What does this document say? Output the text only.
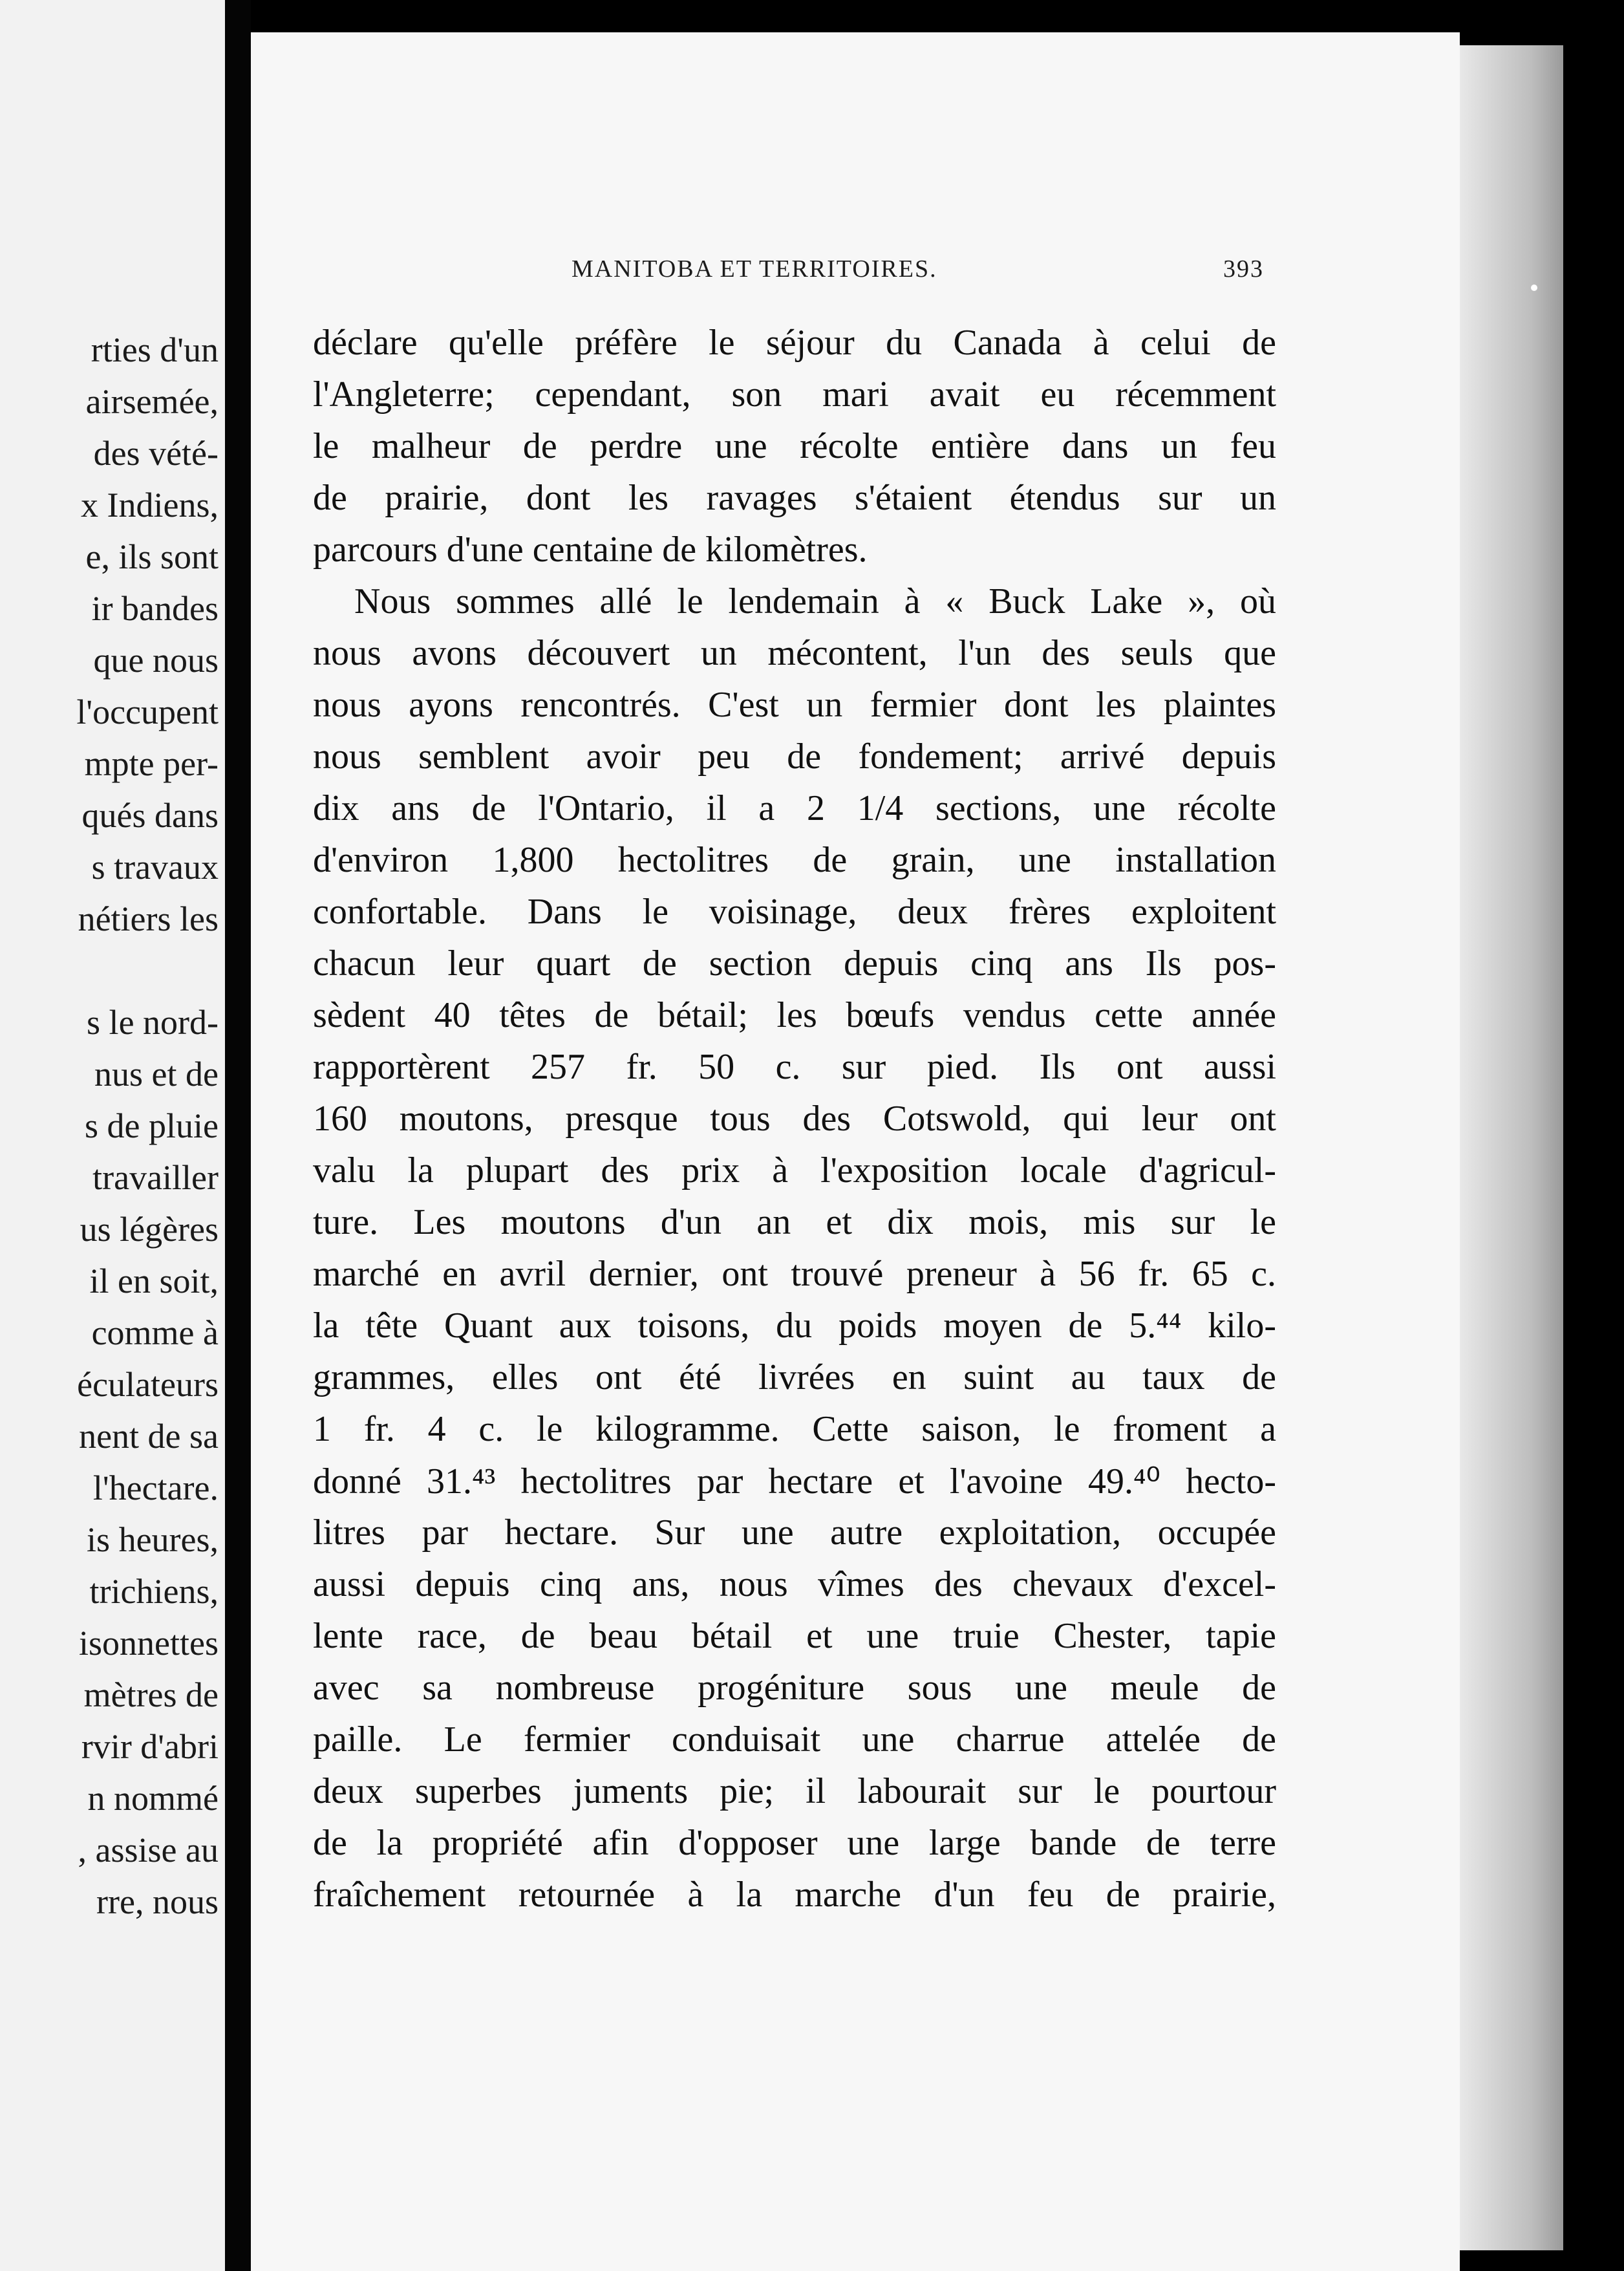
rties d'un
airsemée,
des vété-
x Indiens,
e, ils sont
ir bandes
que nous
l'occupent
mpte per-
qués dans
s travaux
nétiers les
s le nord-
nus et de
s de pluie
travailler
us légères
il en soit,
comme à
éculateurs
nent de sa
l'hectare.
is heures,
trichiens,
isonnettes
mètres de
rvir d'abri
n nommé
, assise au
rre, nous
MANITOBA ET TERRITOIRES.	393
déclare qu'elle préfère le séjour du Canada à celui de
l'Angleterre; cependant, son mari avait eu récemment
le malheur de perdre une récolte entière dans un feu
de prairie, dont les ravages s'étaient étendus sur un
parcours d'une centaine de kilomètres.
Nous sommes allé le lendemain à « Buck Lake », où
nous avons découvert un mécontent, l'un des seuls que
nous ayons rencontrés. C'est un fermier dont les plaintes
nous semblent avoir peu de fondement; arrivé depuis
dix ans de l'Ontario, il a 2 1/4 sections, une récolte
d'environ 1,800 hectolitres de grain, une installation
confortable. Dans le voisinage, deux frères exploitent
chacun leur quart de section depuis cinq ans Ils pos-
sèdent 40 têtes de bétail; les bœufs vendus cette année
rapportèrent 257 fr. 50 c. sur pied. Ils ont aussi
160 moutons, presque tous des Cotswold, qui leur ont
valu la plupart des prix à l'exposition locale d'agricul-
ture. Les moutons d'un an et dix mois, mis sur le
marché en avril dernier, ont trouvé preneur à 56 fr. 65 c.
la tête Quant aux toisons, du poids moyen de 5.⁴⁴ kilo-
grammes, elles ont été livrées en suint au taux de
1 fr. 4 c. le kilogramme. Cette saison, le froment a
donné 31.⁴³ hectolitres par hectare et l'avoine 49.⁴⁰ hecto-
litres par hectare. Sur une autre exploitation, occupée
aussi depuis cinq ans, nous vîmes des chevaux d'excel-
lente race, de beau bétail et une truie Chester, tapie
avec sa nombreuse progéniture sous une meule de
paille. Le fermier conduisait une charrue attelée de
deux superbes juments pie; il labourait sur le pourtour
de la propriété afin d'opposer une large bande de terre
fraîchement retournée à la marche d'un feu de prairie,
